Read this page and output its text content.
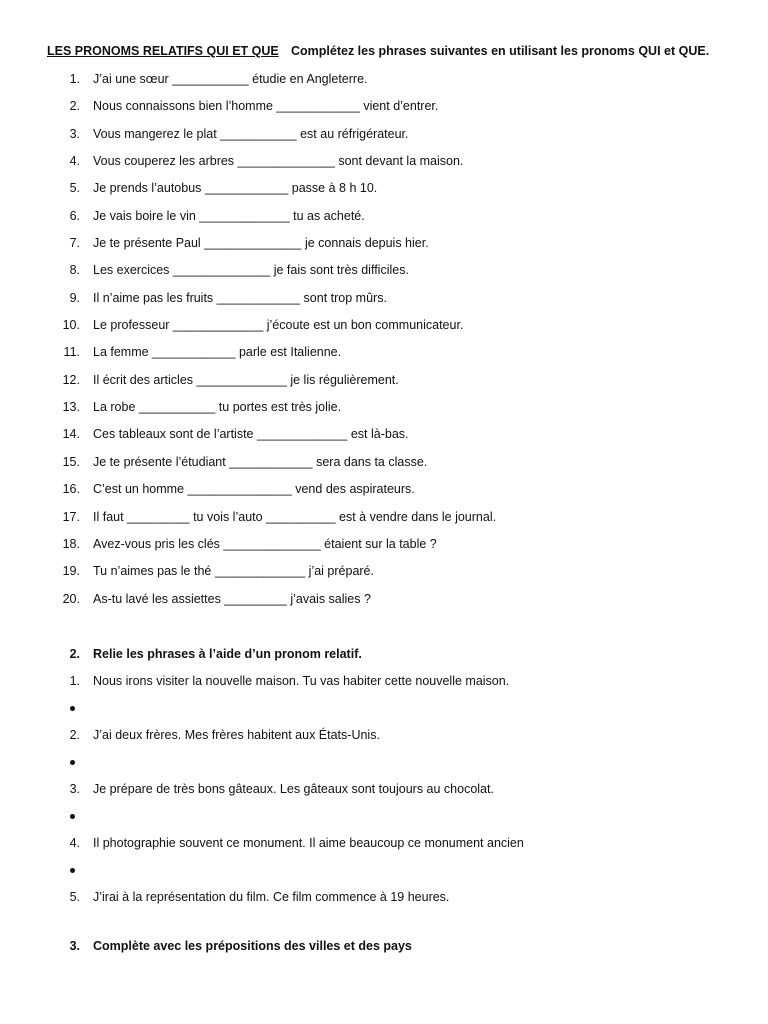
LES PRONOMS RELATIFS QUI ET QUE Complétez les phrases suivantes en utilisant les pronoms QUI et QUE.
1. J’ai une sœur ___________ étudie en Angleterre.
2. Nous connaissons bien l’homme ____________ vient d’entrer.
3. Vous mangerez le plat ___________ est au réfrigérateur.
4. Vous couperez les arbres ______________ sont devant la maison.
5. Je prends l’autobus ____________ passe à 8 h 10.
6. Je vais boire le vin _____________ tu as acheté.
7. Je te présente Paul ______________ je connais depuis hier.
8. Les exercices ______________ je fais sont très difficiles.
9. Il n’aime pas les fruits ____________ sont trop mûrs.
10. Le professeur _____________ j’écoute est un bon communicateur.
11. La femme ____________ parle est Italienne.
12. Il écrit des articles _____________ je lis régulièrement.
13. La robe ___________ tu portes est très jolie.
14. Ces tableaux sont de l’artiste _____________ est là-bas.
15. Je te présente l’étudiant ____________ sera dans ta classe.
16. C’est un homme _______________ vend des aspirateurs.
17. Il faut _________ tu vois l’auto __________ est à vendre dans le journal.
18. Avez-vous pris les clés ______________ étaient sur la table ?
19. Tu n’aimes pas le thé _____________ j’ai préparé.
20. As-tu lavé les assiettes _________ j’avais salies ?
2. Relie les phrases à l’aide d’un pronom relatif.
1. Nous irons visiter la nouvelle maison. Tu vas habiter cette nouvelle maison.
2. J’ai deux frères. Mes frères habitent aux États-Unis.
3. Je prépare de très bons gâteaux. Les gâteaux sont toujours au chocolat.
4. Il photographie souvent ce monument. Il aime beaucoup ce monument ancien
5. J’irai à la représentation du film. Ce film commence à 19 heures.
3. Complète avec les prépositions des villes et des pays
